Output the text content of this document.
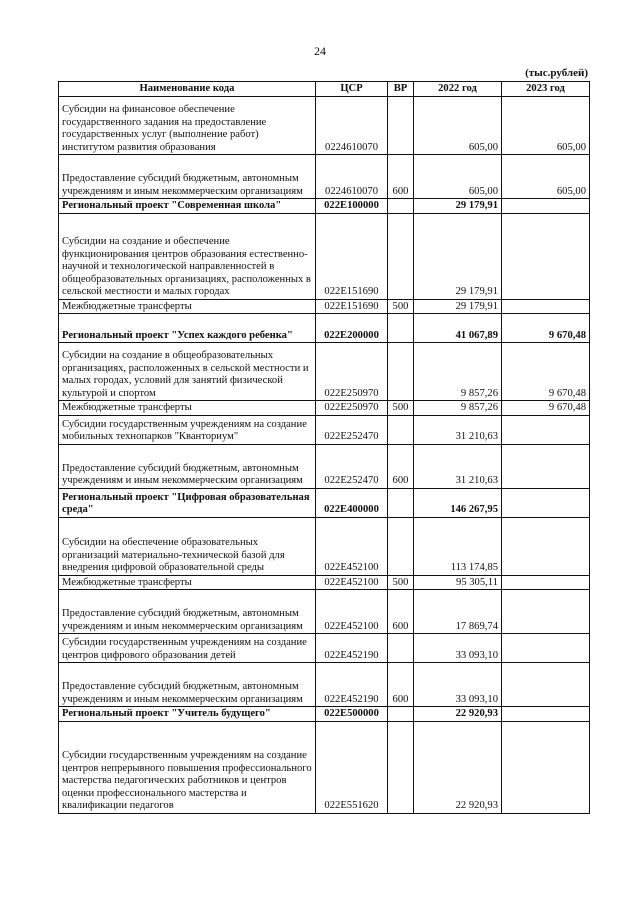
24
(тыс.рублей)
Наименование кода	ЦСР	ВР	2022 год	2023 год
Субсидии на финансовое обеспечение государственного задания на предоставление государственных услуг (выполнение работ) институтом развития образования	0224610070		605,00	605,00
Предоставление субсидий бюджетным, автономным учреждениям и иным некоммерческим организациям	0224610070	600	605,00	605,00
Региональный проект "Современная школа"	022E100000		29 179,91	
Субсидии на создание и обеспечение функционирования центров образования естественно-научной и технологической направленностей в общеобразовательных организациях, расположенных в сельской местности и малых городах	022E151690		29 179,91	
Межбюджетные трансферты	022E151690	500	29 179,91	
Региональный проект "Успех каждого ребенка"	022E200000		41 067,89	9 670,48
Субсидии на создание в общеобразовательных организациях, расположенных в сельской местности и малых городах, условий для занятий физической культурой и спортом	022E250970		9 857,26	9 670,48
Межбюджетные трансферты	022E250970	500	9 857,26	9 670,48
Субсидии государственным учреждениям на создание мобильных технопарков "Кванториум"	022E252470		31 210,63	
Предоставление субсидий бюджетным, автономным учреждениям и иным некоммерческим организациям	022E252470	600	31 210,63	
Региональный проект "Цифровая образовательная среда"	022E400000		146 267,95	
Субсидии на обеспечение образовательных организаций материально-технической базой для внедрения цифровой образовательной среды	022E452100		113 174,85	
Межбюджетные трансферты	022E452100	500	95 305,11	
Предоставление субсидий бюджетным, автономным учреждениям и иным некоммерческим организациям	022E452100	600	17 869,74	
Субсидии государственным учреждениям на создание центров цифрового образования детей	022E452190		33 093,10	
Предоставление субсидий бюджетным, автономным учреждениям и иным некоммерческим организациям	022E452190	600	33 093,10	
Региональный проект "Учитель будущего"	022E500000		22 920,93	
Субсидии государственным учреждениям на создание центров непрерывного повышения профессионального мастерства педагогических работников и центров оценки профессионального мастерства и квалификации педагогов	022E551620		22 920,93	
